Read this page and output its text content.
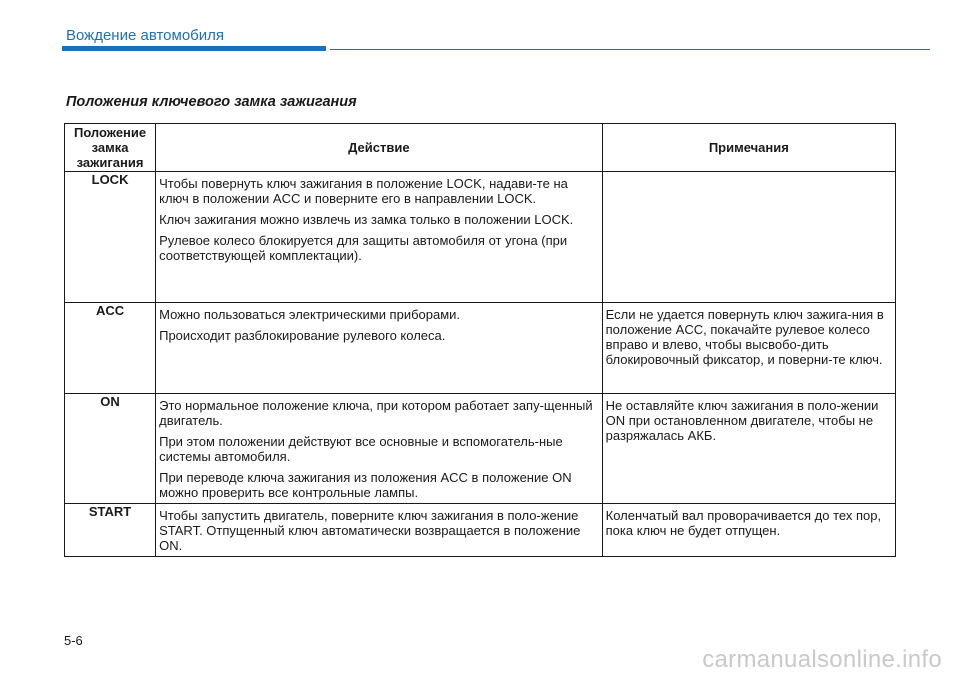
Вождение автомобиля
Положения ключевого замка зажигания
Положение
замка
зажигания	Действие	Примечания
LOCK	Чтобы повернуть ключ зажигания в положение LOCK, надави-те на ключ в положении ACC и поверните его в направлении LOCK.

Ключ зажигания можно извлечь из замка только в положении LOCK.

Рулевое колесо блокируется для защиты автомобиля от угона (при соответствующей комплектации).	

ACC	Можно пользоваться электрическими приборами.

Происходит разблокирование рулевого колеса.	Если не удается повернуть ключ зажига-ния в положение ACC, покачайте рулевое колесо вправо и влево, чтобы высвобо-дить блокировочный фиксатор, и поверни-те ключ.

ON	Это нормальное положение ключа, при котором работает запу-щенный двигатель.

При этом положении действуют все основные и вспомогатель-ные системы автомобиля.

При переводе ключа зажигания из положения ACC в положение ON можно проверить все контрольные лампы.	Не оставляйте ключ зажигания в поло-жении ON при остановленном двигателе, чтобы не разряжалась АКБ.

START	Чтобы запустить двигатель, поверните ключ зажигания в поло-жение START. Отпущенный ключ автоматически возвращается в положение ON.	Коленчатый вал проворачивается до тех пор, пока ключ не будет отпущен.
5-6
carmanualsonline.info
